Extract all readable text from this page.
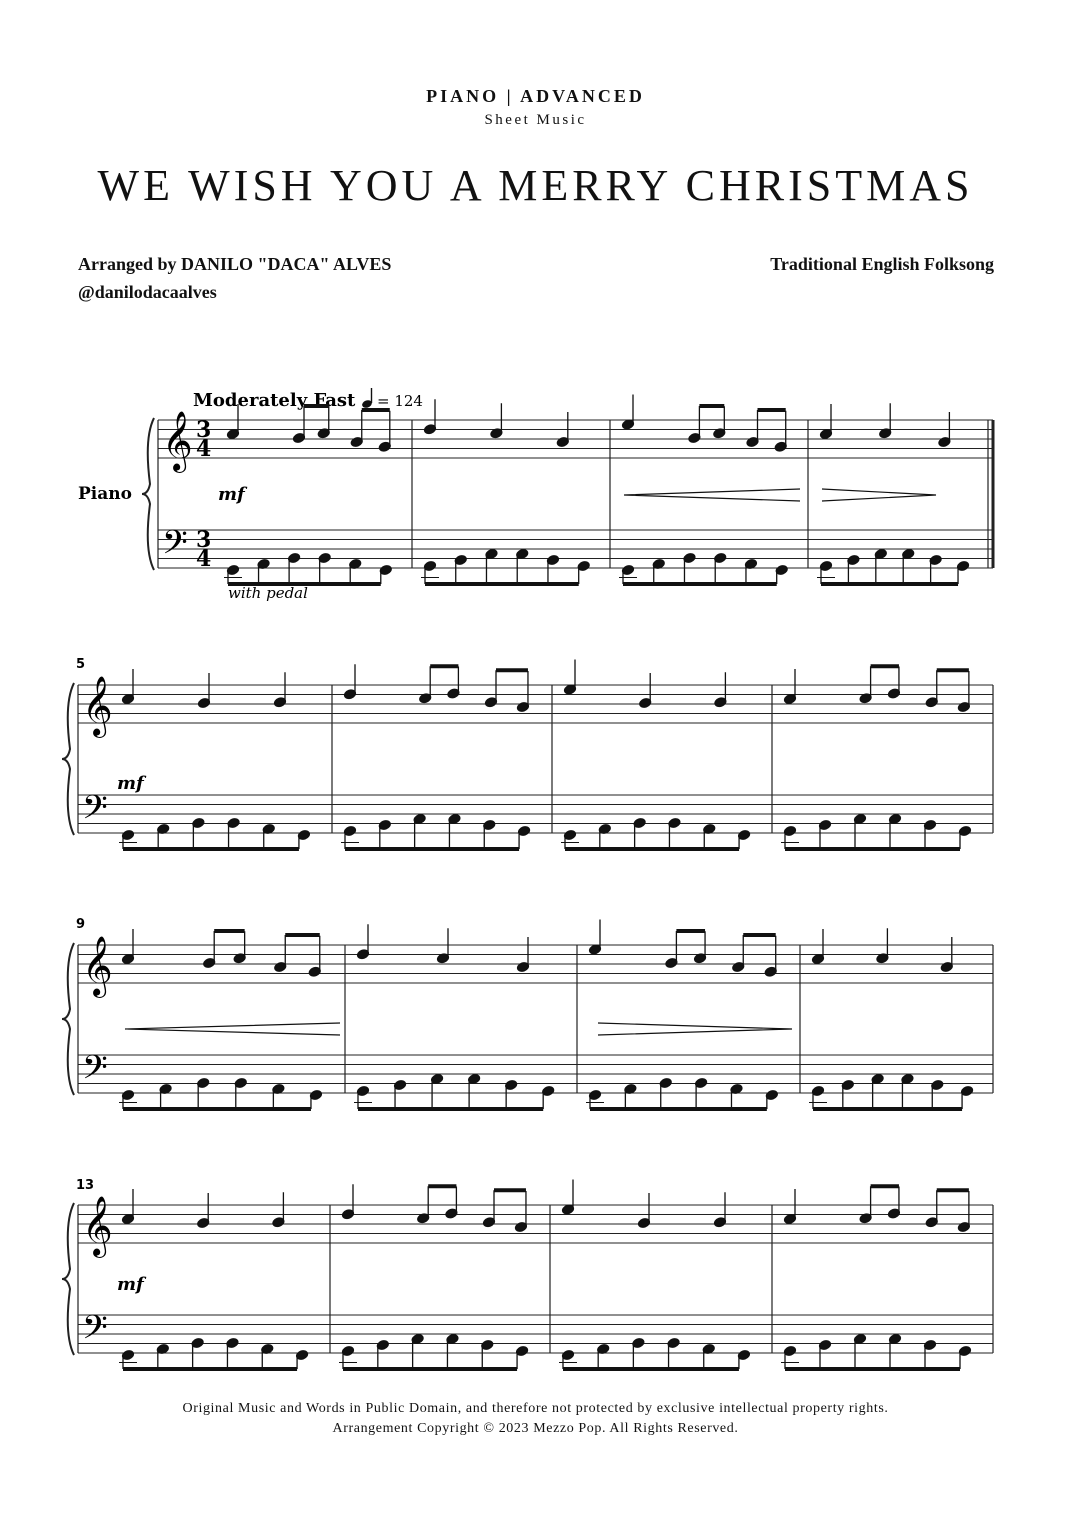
PIANO | ADVANCED
Sheet Music
WE WISH YOU A MERRY CHRISTMAS
Arranged by DANILO "DACA" ALVES
@danilodacaalves
Traditional English Folksong
Moderately Fast = 124
Piano
with pedal
mf
mf
mf
5
9
13
𝄞
𝄢
3
3
4
4
𝄞
𝄢
𝄞
𝄢
𝄞
𝄢
Original Music and Words in Public Domain, and therefore not protected by exclusive intellectual property rights.
Arrangement Copyright © 2023 Mezzo Pop. All Rights Reserved.
